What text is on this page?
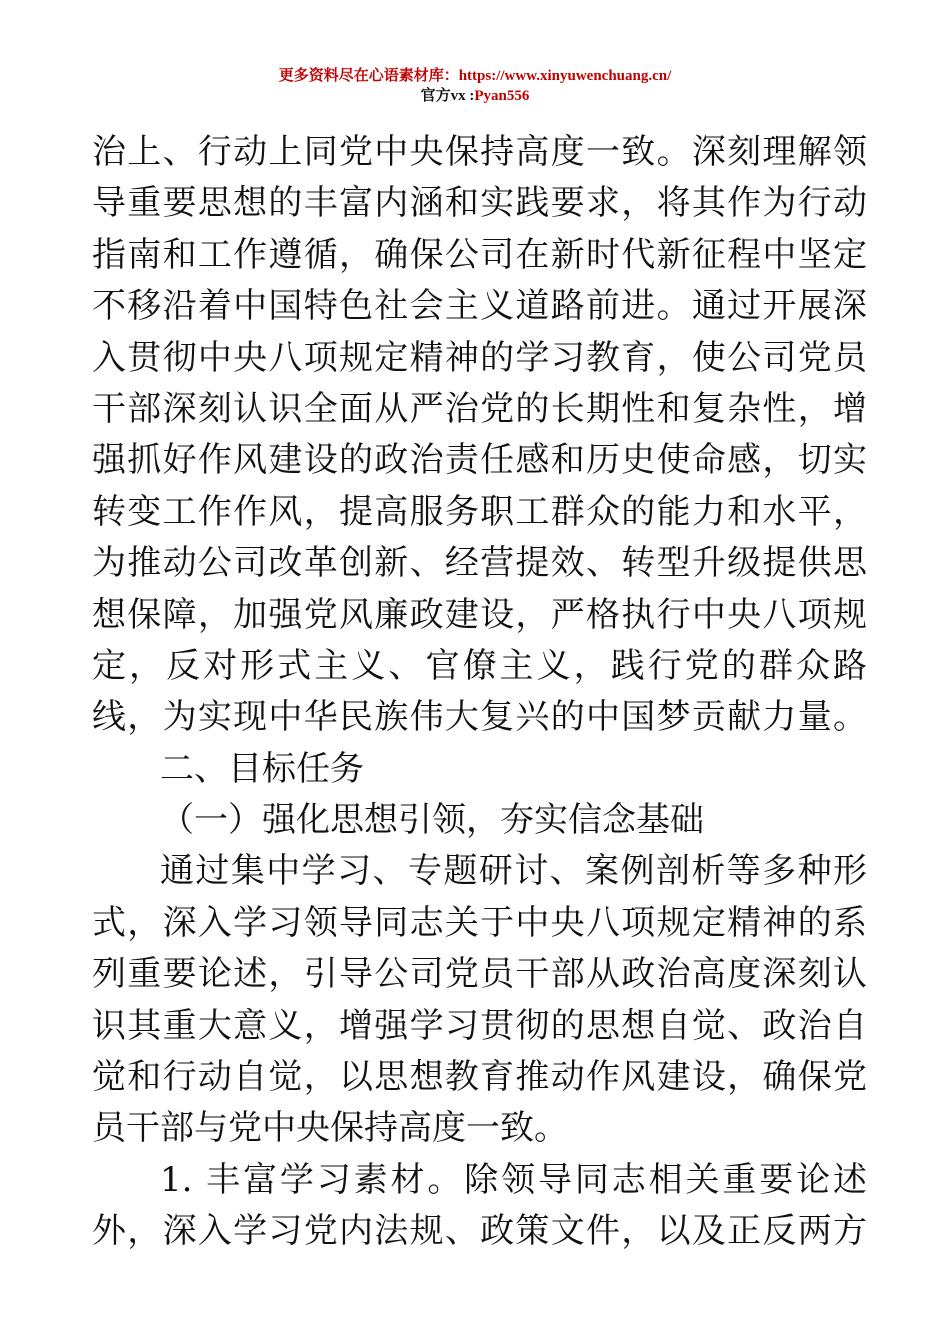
更多资料尽在心语素材库：https://www.xinyuwenchuang.cn/
官方vx :Pyan556
治上、行动上同党中央保持高度一致。深刻理解领
导重要思想的丰富内涵和实践要求，将其作为行动
指南和工作遵循，确保公司在新时代新征程中坚定
不移沿着中国特色社会主义道路前进。通过开展深
入贯彻中央八项规定精神的学习教育，使公司党员
干部深刻认识全面从严治党的长期性和复杂性，增
强抓好作风建设的政治责任感和历史使命感，切实
转变工作作风，提高服务职工群众的能力和水平，
为推动公司改革创新、经营提效、转型升级提供思
想保障，加强党风廉政建设，严格执行中央八项规
定，反对形式主义、官僚主义，践行党的群众路
线，为实现中华民族伟大复兴的中国梦贡献力量。
二、目标任务
（一）强化思想引领，夯实信念基础
通过集中学习、专题研讨、案例剖析等多种形
式，深入学习领导同志关于中央八项规定精神的系
列重要论述，引导公司党员干部从政治高度深刻认
识其重大意义，增强学习贯彻的思想自觉、政治自
觉和行动自觉，以思想教育推动作风建设，确保党
员干部与党中央保持高度一致。
1. 丰富学习素材。除领导同志相关重要论述
外，深入学习党内法规、政策文件，以及正反两方
